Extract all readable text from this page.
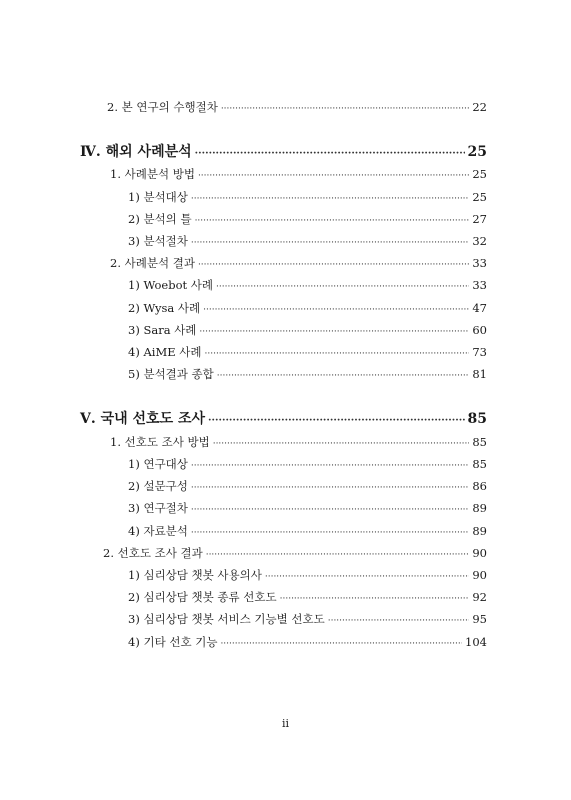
2. 본 연구의 수행절차 ·····	22
Ⅳ. 해외 사례분석 ·····	25
1. 사례분석 방법 ·····	25
1) 분석대상 ·····	25
2) 분석의 틀 ·····	27
3) 분석절차 ·····	32
2. 사례분석 결과 ·····	33
1) Woebot 사례 ·····	33
2) Wysa 사례 ·····	47
3) Sara 사례 ·····	60
4) AiME 사례 ·····	73
5) 분석결과 종합 ·····	81
Ⅴ. 국내 선호도 조사 ·····	85
1. 선호도 조사 방법 ·····	85
1) 연구대상 ·····	85
2) 설문구성 ·····	86
3) 연구절차 ·····	89
4) 자료분석 ·····	89
2. 선호도 조사 결과 ·····	90
1) 심리상담 챗봇 사용의사 ·····	90
2) 심리상담 챗봇 종류 선호도 ·····	92
3) 심리상담 챗봇 서비스 기능별 선호도 ·····	95
4) 기타 선호 기능 ·····	104
ii
